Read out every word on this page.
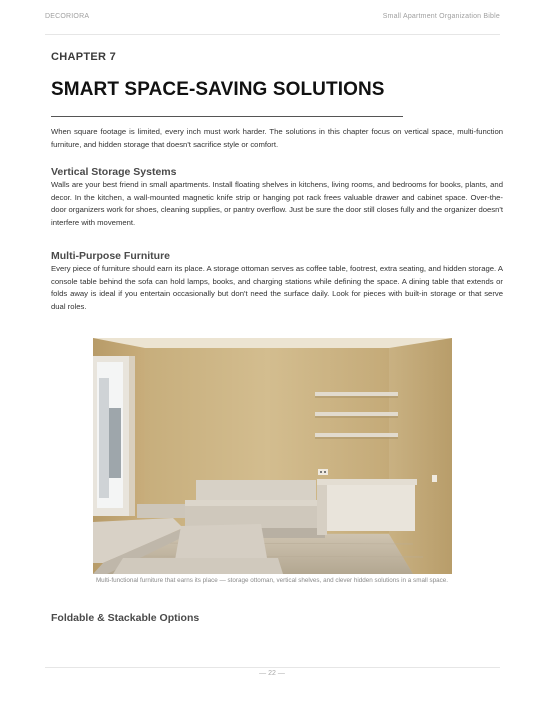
DECORIORA	Small Apartment Organization Bible
CHAPTER 7
SMART SPACE-SAVING SOLUTIONS
When square footage is limited, every inch must work harder. The solutions in this chapter focus on vertical space, multi-function furniture, and hidden storage that doesn't sacrifice style or comfort.
Vertical Storage Systems
Walls are your best friend in small apartments. Install floating shelves in kitchens, living rooms, and bedrooms for books, plants, and decor. In the kitchen, a wall-mounted magnetic knife strip or hanging pot rack frees valuable drawer and cabinet space. Over-the-door organizers work for shoes, cleaning supplies, or pantry overflow. Just be sure the door still closes fully and the organizer doesn't interfere with movement.
Multi-Purpose Furniture
Every piece of furniture should earn its place. A storage ottoman serves as coffee table, footrest, extra seating, and hidden storage. A console table behind the sofa can hold lamps, books, and charging stations while defining the space. A dining table that extends or folds away is ideal if you entertain occasionally but don't need the surface daily. Look for pieces with built-in storage or that serve dual roles.
Multi-functional furniture that earns its place — storage ottoman, vertical shelves, and clever hidden solutions in a small space.
Foldable & Stackable Options
— 22 —
